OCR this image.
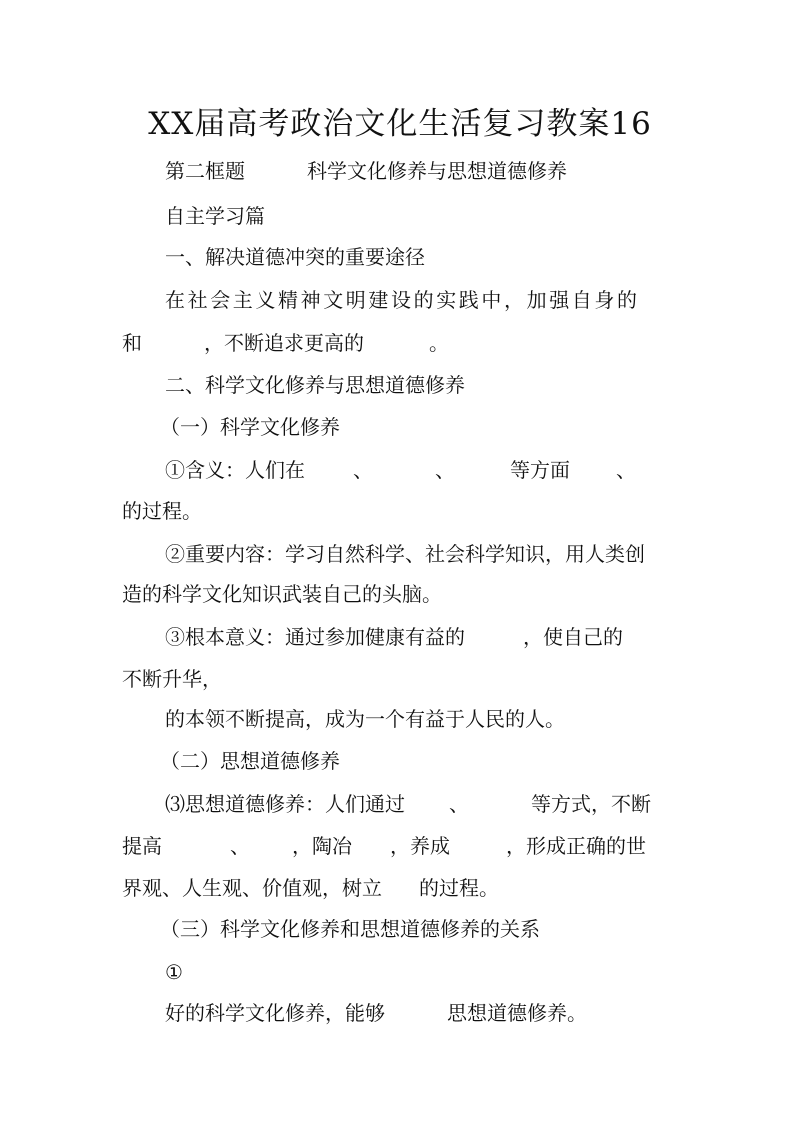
XX届高考政治文化生活复习教案16
第二框题	科学文化修养与思想道德修养
自主学习篇
一、解决道德冲突的重要途径
在社会主义精神文明建设的实践中，加强自身的
和	，不断追求更高的	。
二、科学文化修养与思想道德修养
（一）科学文化修养
①含义：人们在 、	、	等方面 、
的过程。
②重要内容：学习自然科学、社会科学知识，用人类创
造的科学文化知识武装自己的头脑。
③根本意义：通过参加健康有益的	，使自己的
不断升华，
的本领不断提高，成为一个有益于人民的人。
（二）思想道德修养
⑶思想道德修养：人们通过 、	等方式，不断
提高	、 ，陶冶 ，养成	，形成正确的世
界观、人生观、价值观，树立 的过程。
（三）科学文化修养和思想道德修养的关系
①
好的科学文化修养，能够	思想道德修养。
